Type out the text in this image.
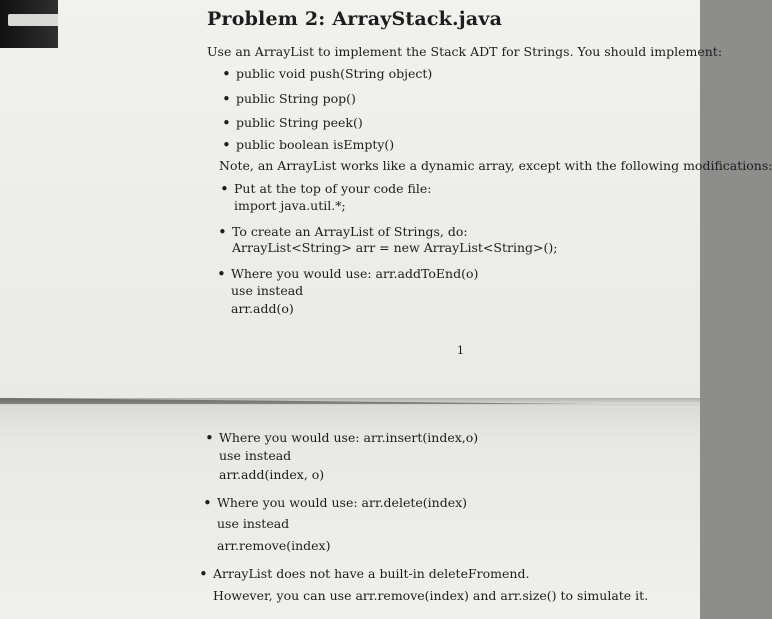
Problem 2: ArrayStack.java
Use an ArrayList to implement the Stack ADT for Strings. You should implement:
• public void push(String object)
• public String pop()
• public String peek()
• public boolean isEmpty()
Note, an ArrayList works like a dynamic array, except with the following modifications:
• Put at the top of your code file:
import java.util.*;
• To create an ArrayList of Strings, do:
ArrayList<String> arr = new ArrayList<String>();
• Where you would use: arr.addToEnd(o)
use instead
arr.add(o)
1
• Where you would use: arr.insert(index,o)
use instead
arr.add(index, o)
• Where you would use: arr.delete(index)
use instead
arr.remove(index)
• ArrayList does not have a built-in deleteFromend.
However, you can use arr.remove(index) and arr.size() to simulate it.
